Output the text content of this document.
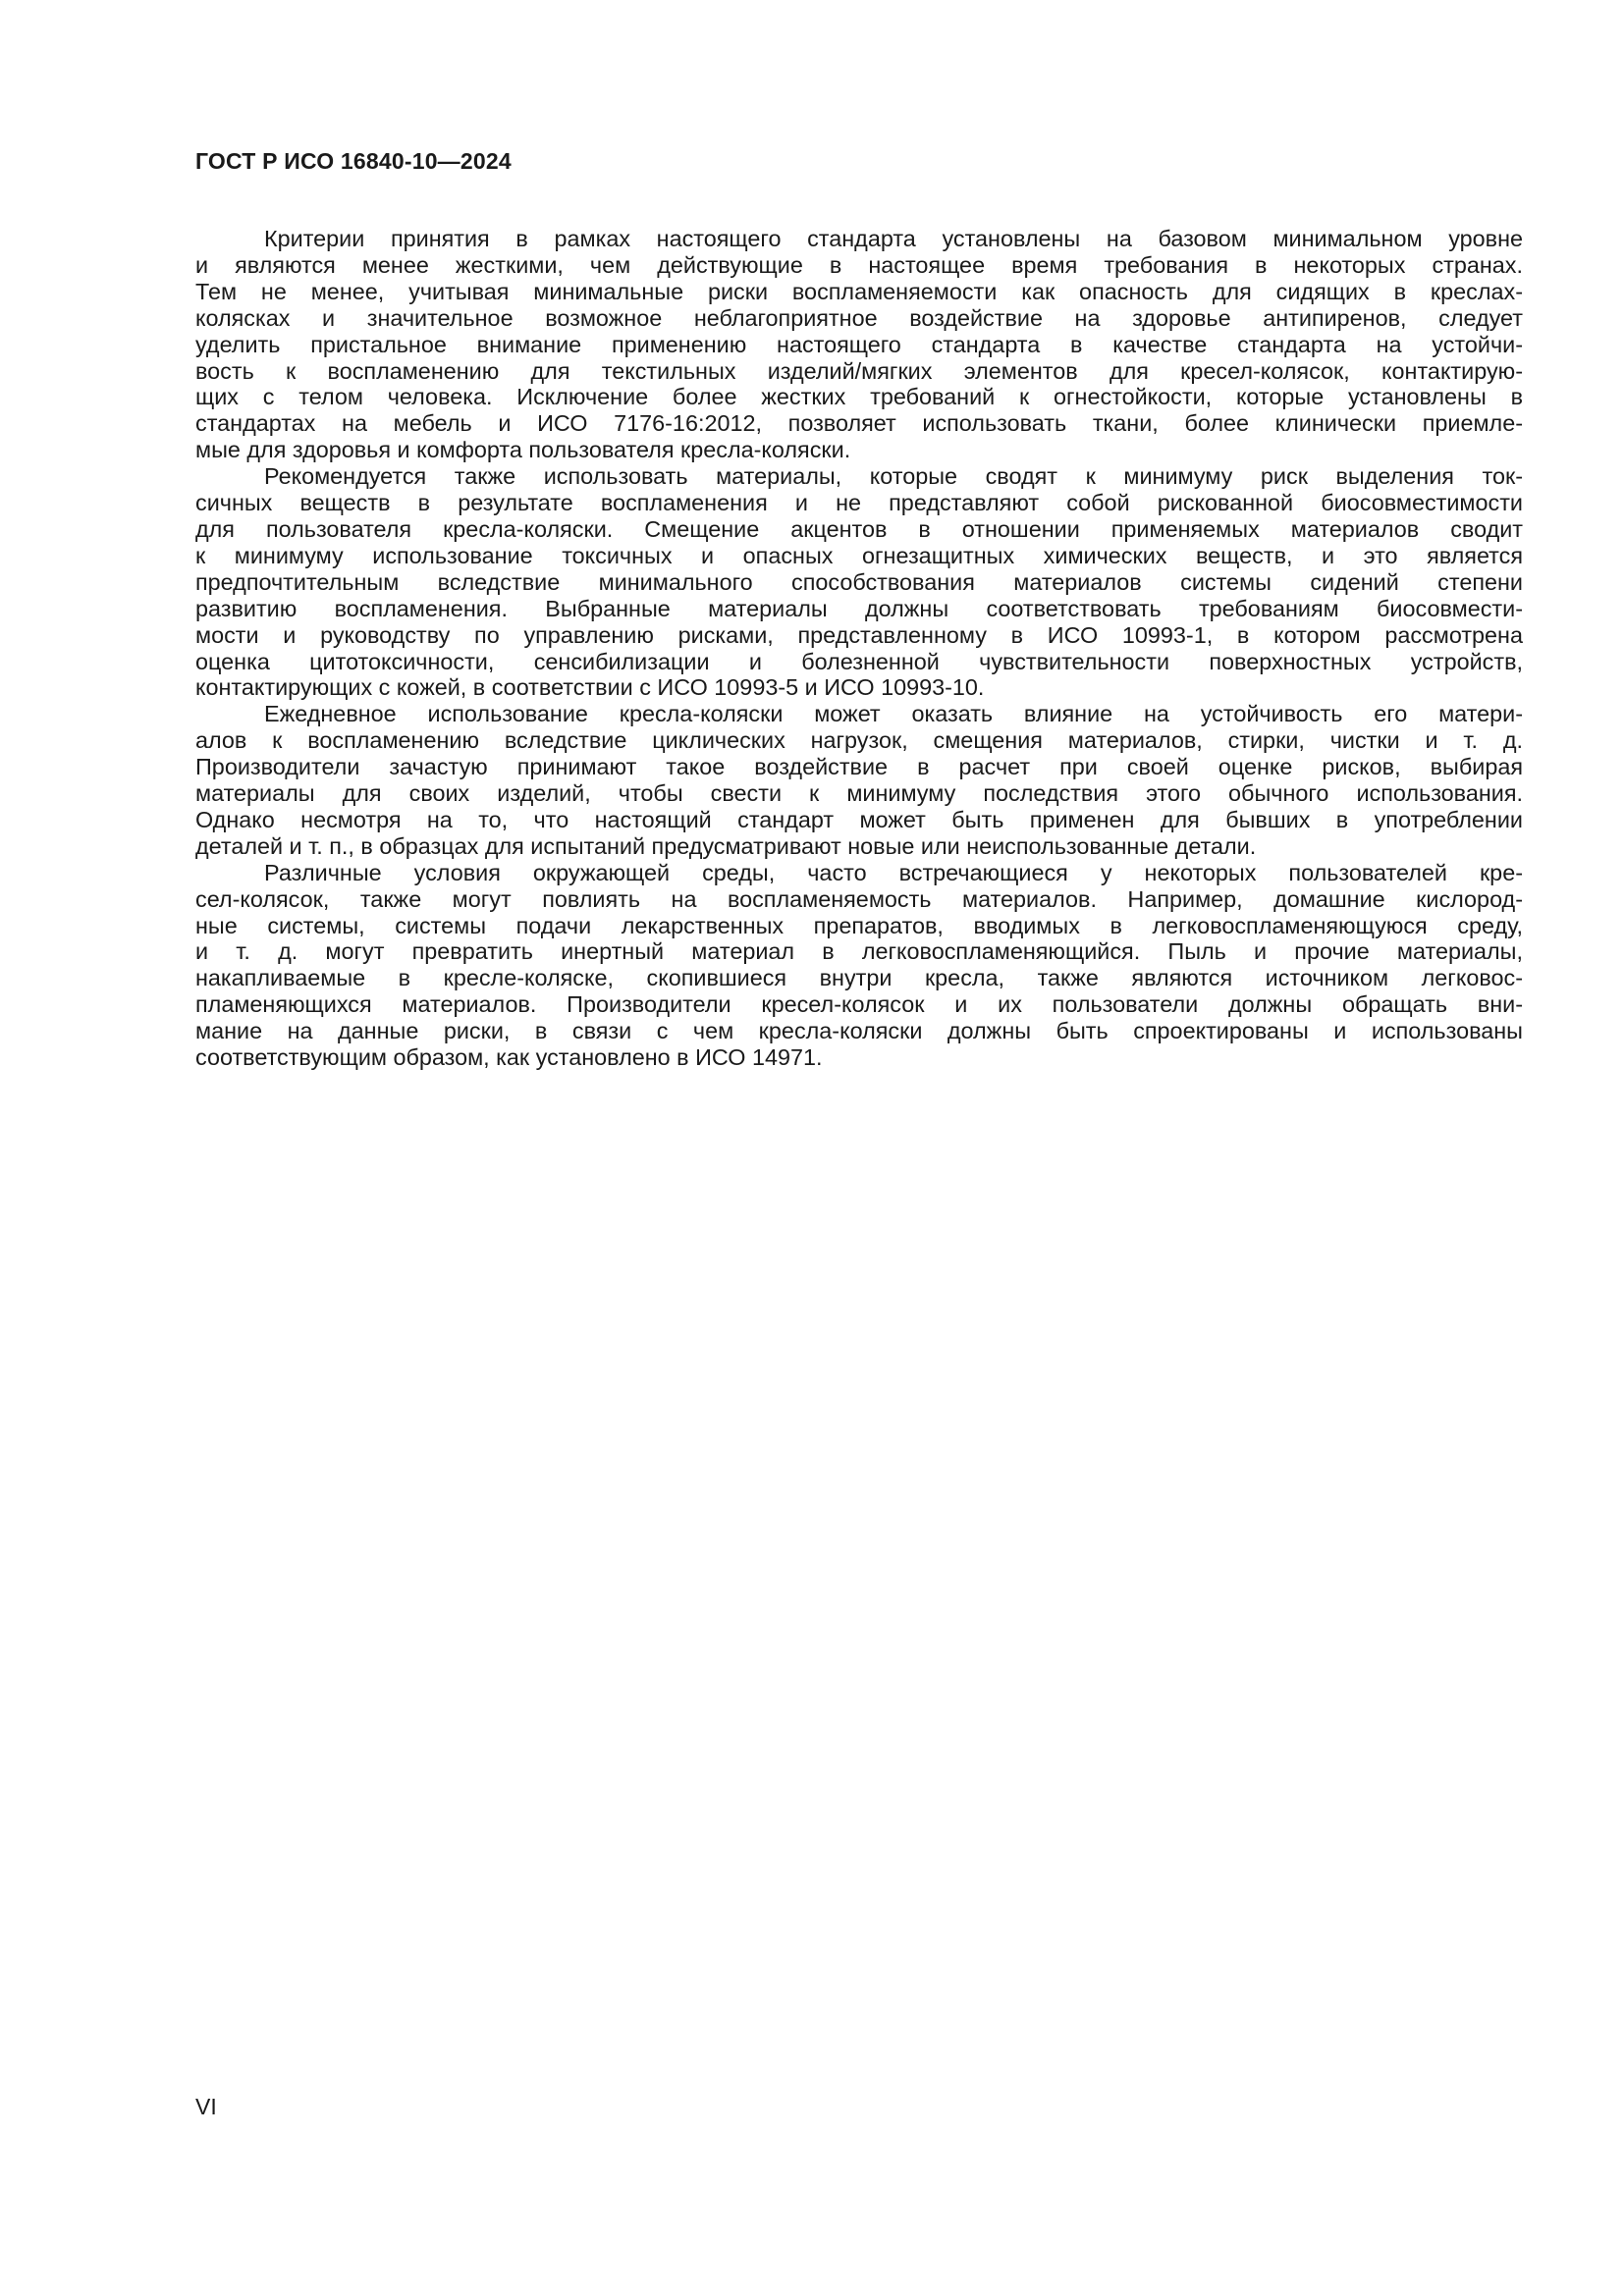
ГОСТ Р ИСО 16840-10—2024

Критерии принятия в рамках настоящего стандарта установлены на базовом минимальном уровне
и являются менее жесткими, чем действующие в настоящее время требования в некоторых странах.
Тем не менее, учитывая минимальные риски воспламеняемости как опасность для сидящих в креслах-
колясках и значительное возможное неблагоприятное воздействие на здоровье антипиренов, следует
уделить пристальное внимание применению настоящего стандарта в качестве стандарта на устойчи-
вость к воспламенению для текстильных изделий/мягких элементов для кресел-колясок, контактирую-
щих с телом человека. Исключение более жестких требований к огнестойкости, которые установлены в
стандартах на мебель и ИСО 7176-16:2012, позволяет использовать ткани, более клинически приемле-
мые для здоровья и комфорта пользователя кресла-коляски.

Рекомендуется также использовать материалы, которые сводят к минимуму риск выделения ток-
сичных веществ в результате воспламенения и не представляют собой рискованной биосовместимости
для пользователя кресла-коляски. Смещение акцентов в отношении применяемых материалов сводит
к минимуму использование токсичных и опасных огнезащитных химических веществ, и это является
предпочтительным вследствие минимального способствования материалов системы сидений степени
развитию воспламенения. Выбранные материалы должны соответствовать требованиям биосовмести-
мости и руководству по управлению рисками, представленному в ИСО 10993-1, в котором рассмотрена
оценка цитотоксичности, сенсибилизации и болезненной чувствительности поверхностных устройств,
контактирующих с кожей, в соответствии с ИСО 10993-5 и ИСО 10993-10.

Ежедневное использование кресла-коляски может оказать влияние на устойчивость его матери-
алов к воспламенению вследствие циклических нагрузок, смещения материалов, стирки, чистки и т. д.
Производители зачастую принимают такое воздействие в расчет при своей оценке рисков, выбирая
материалы для своих изделий, чтобы свести к минимуму последствия этого обычного использования.
Однако несмотря на то, что настоящий стандарт может быть применен для бывших в употреблении
деталей и т. п., в образцах для испытаний предусматривают новые или неиспользованные детали.

Различные условия окружающей среды, часто встречающиеся у некоторых пользователей кре-
сел-колясок, также могут повлиять на воспламеняемость материалов. Например, домашние кислород-
ные системы, системы подачи лекарственных препаратов, вводимых в легковоспламеняющуюся среду,
и т. д. могут превратить инертный материал в легковоспламеняющийся. Пыль и прочие материалы,
накапливаемые в кресле-коляске, скопившиеся внутри кресла, также являются источником легковос-
пламеняющихся материалов. Производители кресел-колясок и их пользователи должны обращать вни-
мание на данные риски, в связи с чем кресла-коляски должны быть спроектированы и использованы
соответствующим образом, как установлено в ИСО 14971.

VI
